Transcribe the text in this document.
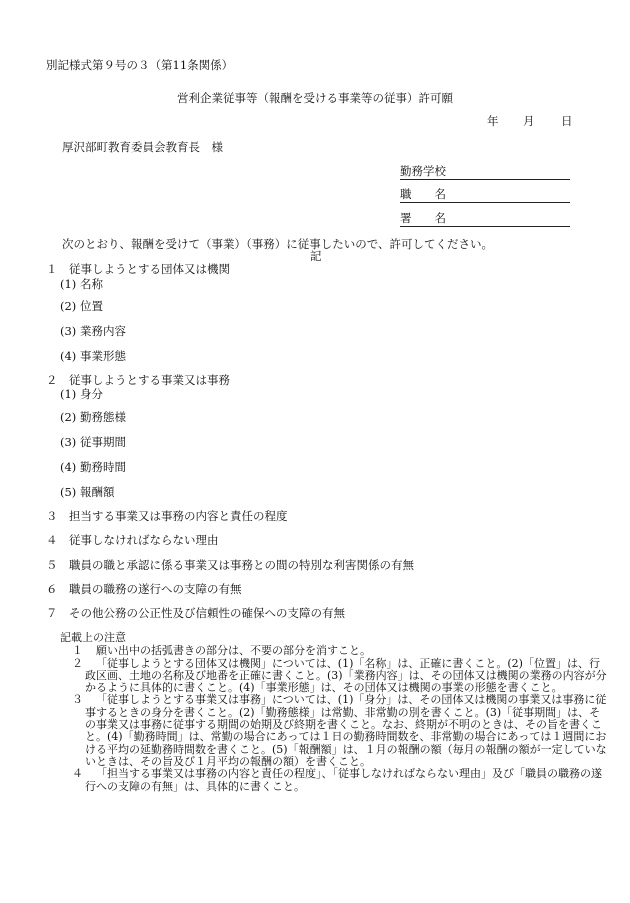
別記様式第９号の３（第11条関係）
営利企業従事等（報酬を受ける事業等の従事）許可願
年 月 日
厚沢部町教育委員会教育長　様
勤務学校
職　　名
署　　名
次のとおり、報酬を受けて（事業）（事務）に従事したいので、許可してください。
記
１　従事しようとする団体又は機関
(1) 名称
(2) 位置
(3) 業務内容
(4) 事業形態
２　従事しようとする事業又は事務
(1) 身分
(2) 勤務態様
(3) 従事期間
(4) 勤務時間
(5) 報酬額
３　担当する事業又は事務の内容と責任の程度
４　従事しなければならない理由
５　職員の職と承認に係る事業又は事務との間の特別な利害関係の有無
６　職員の職務の遂行への支障の有無
７　その他公務の公正性及び信頼性の確保への支障の有無
記載上の注意
１	願い出中の括弧書きの部分は、不要の部分を消すこと。
２	「従事しようとする団体又は機関」については、(1)「名称」は、正確に書くこと。(2)「位置」は、行政区画、土地の名称及び地番を正確に書くこと。(3)「業務内容」は、その団体又は機関の業務の内容が分かるように具体的に書くこと。(4)「事業形態」は、その団体又は機関の事業の形態を書くこと。
３	「従事しようとする事業又は事務」については、(1)「身分」は、その団体又は機関の事業又は事務に従事するときの身分を書くこと。(2)「勤務態様」は常勤、非常勤の別を書くこと。(3)「従事期間」は、その事業又は事務に従事する期間の始期及び終期を書くこと。なお、終期が不明のときは、その旨を書くこと。(4)「勤務時間」は、常勤の場合にあっては１日の勤務時間数を、非常勤の場合にあっては１週間における平均の延勤務時間数を書くこと。(5)「報酬額」は、１月の報酬の額（毎月の報酬の額が一定していないときは、その旨及び１月平均の報酬の額）を書くこと。
４	「担当する事業又は事務の内容と責任の程度」、「従事しなければならない理由」及び「職員の職務の遂行への支障の有無」は、具体的に書くこと。
